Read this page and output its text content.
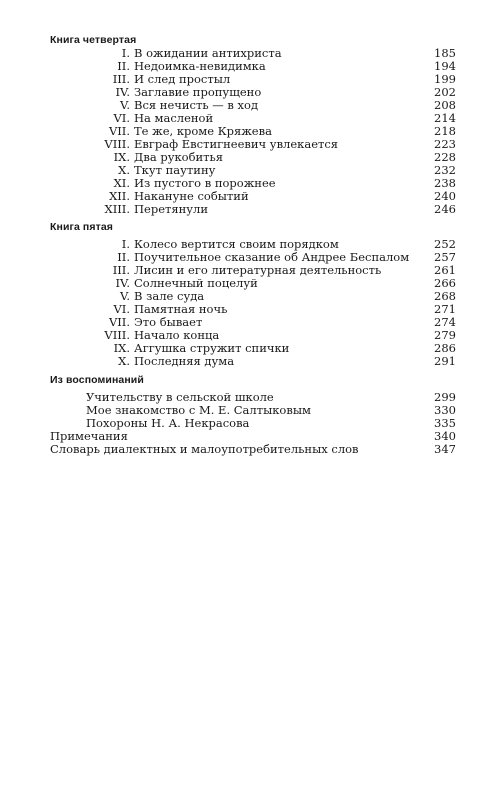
Книга четвертая
I. В ожидании антихриста	185
II. Недоимка-невидимка	194
III. И след простыл	199
IV. Заглавие пропущено	202
V. Вся нечисть — в ход	208
VI. На масленой	214
VII. Те же, кроме Кряжева	218
VIII. Евграф Евстигнеевич увлекается	223
IX. Два рукобитья	228
X. Ткут паутину	232
XI. Из пустого в порожнее	238
XII. Накануне событий	240
XIII. Перетянули	246
Книга пятая
I. Колесо вертится своим порядком	252
II. Поучительное сказание об Андрее Беспалом	257
III. Лисин и его литературная деятельность	261
IV. Солнечный поцелуй	266
V. В зале суда	268
VI. Памятная ночь	271
VII. Это бывает	274
VIII. Начало конца	279
IX. Аггушка стружит спички	286
X. Последняя дума	291
Из воспоминаний
Учительству в сельской школе	299
Мое знакомство с М. Е. Салтыковым	330
Похороны Н. А. Некрасова	335
Примечания	340
Словарь диалектных и малоупотребительных слов	347
